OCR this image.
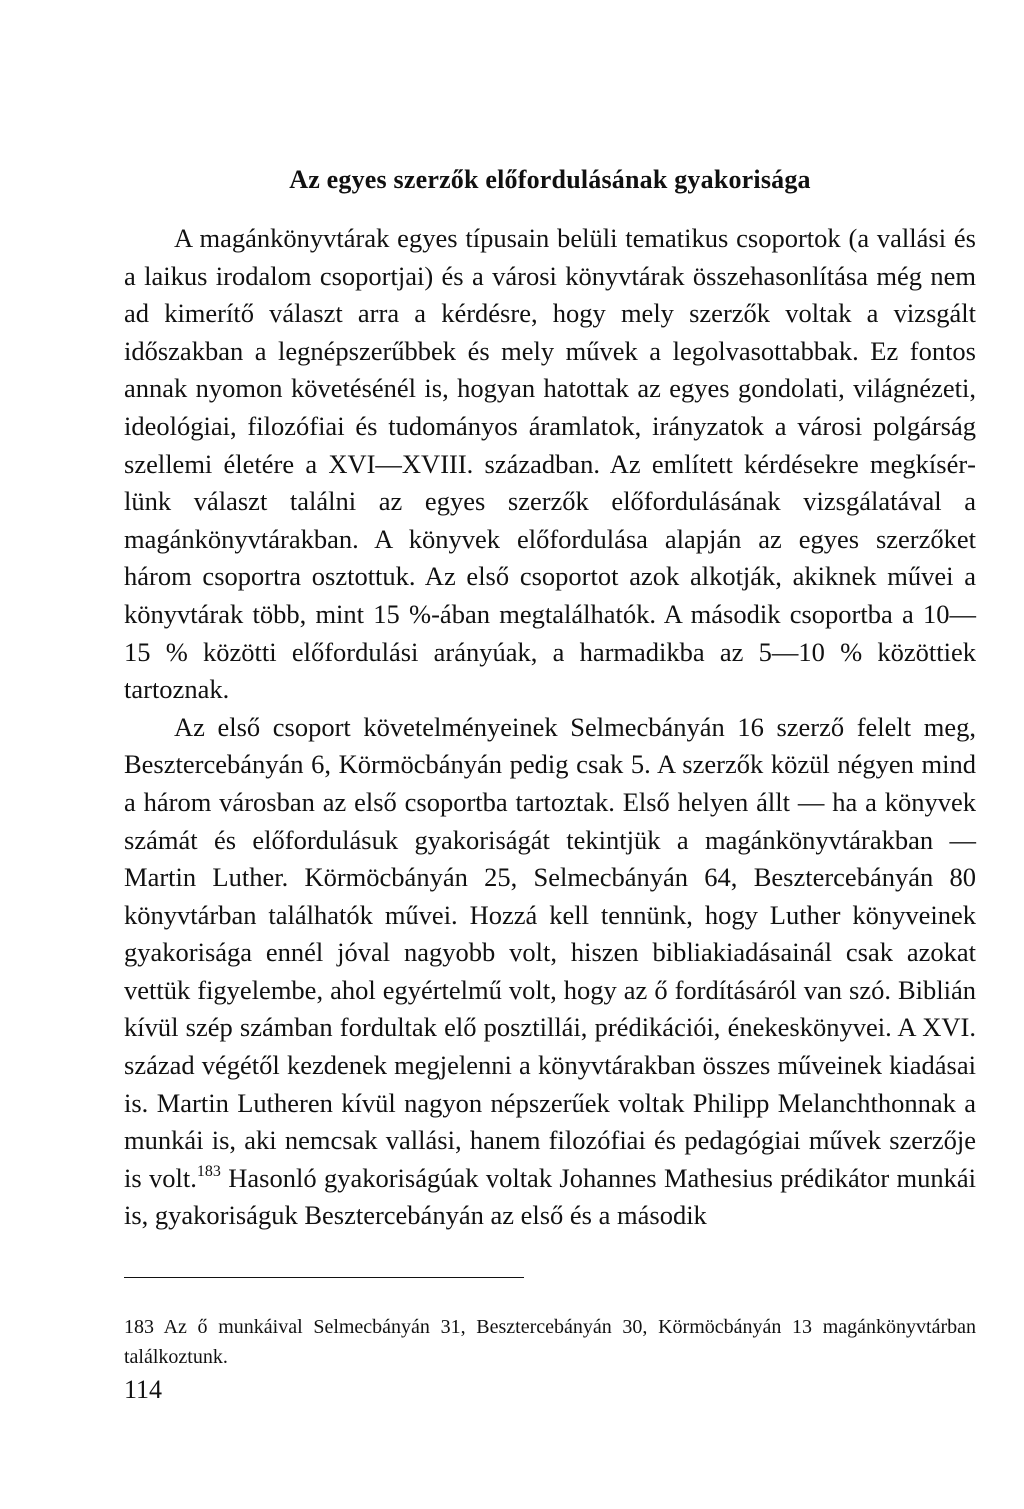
Az egyes szerzők előfordulásának gyakorisága

A magánkönyvtárak egyes típusain belüli tematikus csoportok (a vallási és a laikus irodalom csoportjai) és a városi könyvtárak összehasonlítása még nem ad kimerítő választ arra a kérdésre, hogy mely szerzők voltak a vizsgált időszakban a legnépszerűbbek és mely művek a legolvasottabbak. Ez fontos annak nyomon követésénél is, hogyan hatottak az egyes gondolati, világnézeti, ideológiai, filozófiai és tudományos áramlatok, irányzatok a városi polgárság szellemi életére a XVI—XVIII. században. Az említett kérdésekre megkísérlünk választ találni az egyes szerzők előfordulásának vizsgálatával a magánkönyvtárakban. A könyvek előfordulása alapján az egyes szerzőket három csoportra osztottuk. Az első csoportot azok alkotják, akiknek művei a könyvtárak több, mint 15 %-ában megtalálhatók. A második csoportba a 10—15 % közötti előfordulási arányúak, a harmadikba az 5—10 % közöttiek tartoznak.

Az első csoport követelményeinek Selmecbányán 16 szerző felelt meg, Besztercebányán 6, Körmöcbányán pedig csak 5. A szerzők közül négyen mind a három városban az első csoportba tartoztak. Első helyen állt — ha a könyvek számát és előfordulásuk gyakoriságát tekintjük a magánkönyvtárakban — Martin Luther. Körmöcbányán 25, Selmecbányán 64, Besztercebányán 80 könyvtárban találhatók művei. Hozzá kell tennünk, hogy Luther könyveinek gyakorisága ennél jóval nagyobb volt, hiszen bibliakiadásainál csak azokat vettük figyelembe, ahol egyértelmű volt, hogy az ő fordításáról van szó. Biblián kívül szép számban fordultak elő posztillái, prédikációi, énekeskönyvei. A XVI. század végétől kezdenek megjelenni a könyvtárakban összes műveinek kiadásai is. Martin Lutheren kívül nagyon népszerűek voltak Philipp Melanchthonnak a munkái is, aki nemcsak vallási, hanem filozófiai és pedagógiai művek szerzője is volt.$^{183}$ Hasonló gyakoriságúak voltak Johannes Mathesius prédikátor munkái is, gyakoriságuk Besztercebányán az első és a második

183 Az ő munkáival Selmecbányán 31, Besztercebányán 30, Körmöcbányán 13 magánkönyvtárban találkoztunk.

114
